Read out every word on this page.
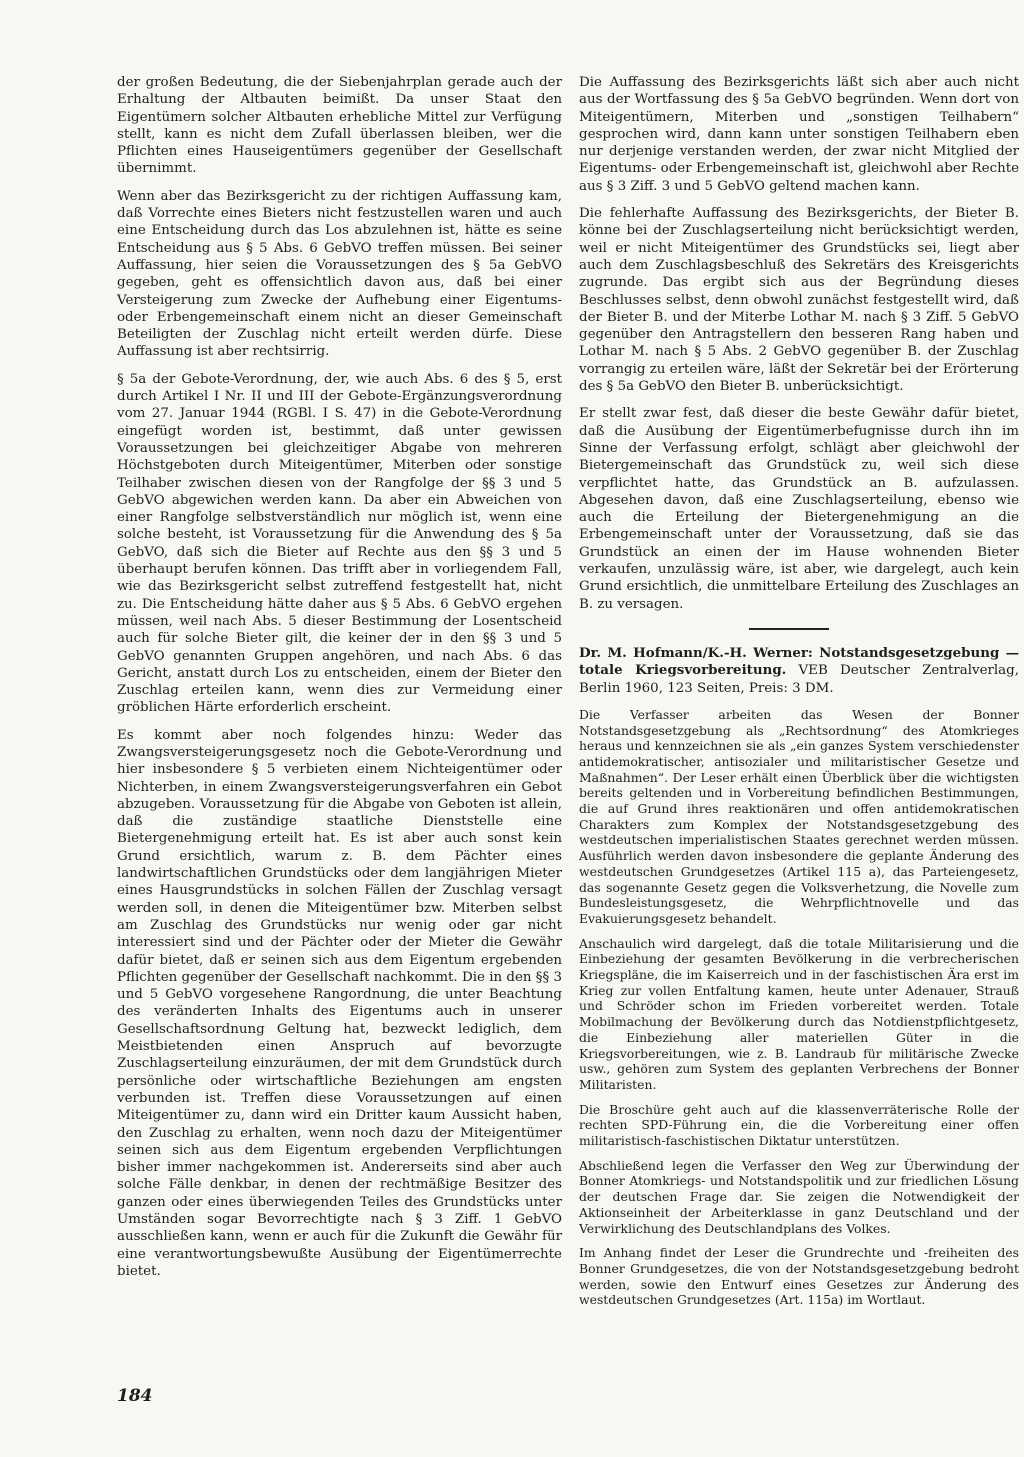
der großen Bedeutung, die der Siebenjahrplan gerade auch der Erhaltung der Altbauten beimißt. Da unser Staat den Eigentümern solcher Altbauten erhebliche Mittel zur Verfügung stellt, kann es nicht dem Zufall überlassen bleiben, wer die Pflichten eines Hauseigentümers gegenüber der Gesellschaft übernimmt.

Wenn aber das Bezirksgericht zu der richtigen Auffassung kam, daß Vorrechte eines Bieters nicht festzustellen waren und auch eine Entscheidung durch das Los abzulehnen ist, hätte es seine Entscheidung aus § 5 Abs. 6 GebVO treffen müssen. Bei seiner Auffassung, hier seien die Voraussetzungen des § 5a GebVO gegeben, geht es offensichtlich davon aus, daß bei einer Versteigerung zum Zwecke der Aufhebung einer Eigentums- oder Erbengemeinschaft einem nicht an dieser Gemeinschaft Beteiligten der Zuschlag nicht erteilt werden dürfe. Diese Auffassung ist aber rechtsirrig.

§ 5a der Gebote-Verordnung, der, wie auch Abs. 6 des § 5, erst durch Artikel I Nr. II und III der Gebote-Ergänzungsverordnung vom 27. Januar 1944 (RGBl. I S. 47) in die Gebote-Verordnung eingefügt worden ist, bestimmt, daß unter gewissen Voraussetzungen bei gleichzeitiger Abgabe von mehreren Höchstgeboten durch Miteigentümer, Miterben oder sonstige Teilhaber zwischen diesen von der Rangfolge der §§ 3 und 5 GebVO abgewichen werden kann. Da aber ein Abweichen von einer Rangfolge selbstverständlich nur möglich ist, wenn eine solche besteht, ist Voraussetzung für die Anwendung des § 5a GebVO, daß sich die Bieter auf Rechte aus den §§ 3 und 5 überhaupt berufen können. Das trifft aber in vorliegendem Fall, wie das Bezirksgericht selbst zutreffend festgestellt hat, nicht zu. Die Entscheidung hätte daher aus § 5 Abs. 6 GebVO ergehen müssen, weil nach Abs. 5 dieser Bestimmung der Losentscheid auch für solche Bieter gilt, die keiner der in den §§ 3 und 5 GebVO genannten Gruppen angehören, und nach Abs. 6 das Gericht, anstatt durch Los zu entscheiden, einem der Bieter den Zuschlag erteilen kann, wenn dies zur Vermeidung einer gröblichen Härte erforderlich erscheint.

Es kommt aber noch folgendes hinzu: Weder das Zwangsversteigerungsgesetz noch die Gebote-Verordnung und hier insbesondere § 5 verbieten einem Nichteigentümer oder Nichterben, in einem Zwangsversteigerungsverfahren ein Gebot abzugeben. Voraussetzung für die Abgabe von Geboten ist allein, daß die zuständige staatliche Dienststelle eine Bietergenehmigung erteilt hat. Es ist aber auch sonst kein Grund ersichtlich, warum z. B. dem Pächter eines landwirtschaftlichen Grundstücks oder dem langjährigen Mieter eines Hausgrundstücks in solchen Fällen der Zuschlag versagt werden soll, in denen die Miteigentümer bzw. Miterben selbst am Zuschlag des Grundstücks nur wenig oder gar nicht interessiert sind und der Pächter oder der Mieter die Gewähr dafür bietet, daß er seinen sich aus dem Eigentum ergebenden Pflichten gegenüber der Gesellschaft nachkommt. Die in den §§ 3 und 5 GebVO vorgesehene Rangordnung, die unter Beachtung des veränderten Inhalts des Eigentums auch in unserer Gesellschaftsordnung Geltung hat, bezweckt lediglich, dem Meistbietenden einen Anspruch auf bevorzugte Zuschlagserteilung einzuräumen, der mit dem Grundstück durch persönliche oder wirtschaftliche Beziehungen am engsten verbunden ist. Treffen diese Voraussetzungen auf einen Miteigentümer zu, dann wird ein Dritter kaum Aussicht haben, den Zuschlag zu erhalten, wenn noch dazu der Miteigentümer seinen sich aus dem Eigentum ergebenden Verpflichtungen bisher immer nachgekommen ist. Andererseits sind aber auch solche Fälle denkbar, in denen der rechtmäßige Besitzer des ganzen oder eines überwiegenden Teiles des Grundstücks unter Umständen sogar Bevorrechtigte nach § 3 Ziff. 1 GebVO ausschließen kann, wenn er auch für die Zukunft die Gewähr für eine verantwortungsbewußte Ausübung der Eigentümerrechte bietet.

Die Auffassung des Bezirksgerichts läßt sich aber auch nicht aus der Wortfassung des § 5a GebVO begründen. Wenn dort von Miteigentümern, Miterben und „sonstigen Teilhabern“ gesprochen wird, dann kann unter sonstigen Teilhabern eben nur derjenige verstanden werden, der zwar nicht Mitglied der Eigentums- oder Erbengemeinschaft ist, gleichwohl aber Rechte aus § 3 Ziff. 3 und 5 GebVO geltend machen kann.

Die fehlerhafte Auffassung des Bezirksgerichts, der Bieter B. könne bei der Zuschlagserteilung nicht berücksichtigt werden, weil er nicht Miteigentümer des Grundstücks sei, liegt aber auch dem Zuschlagsbeschluß des Sekretärs des Kreisgerichts zugrunde. Das ergibt sich aus der Begründung dieses Beschlusses selbst, denn obwohl zunächst festgestellt wird, daß der Bieter B. und der Miterbe Lothar M. nach § 3 Ziff. 5 GebVO gegenüber den Antragstellern den besseren Rang haben und Lothar M. nach § 5 Abs. 2 GebVO gegenüber B. der Zuschlag vorrangig zu erteilen wäre, läßt der Sekretär bei der Erörterung des § 5a GebVO den Bieter B. unberücksichtigt.

Er stellt zwar fest, daß dieser die beste Gewähr dafür bietet, daß die Ausübung der Eigentümerbefugnisse durch ihn im Sinne der Verfassung erfolgt, schlägt aber gleichwohl der Bietergemeinschaft das Grundstück zu, weil sich diese verpflichtet hatte, das Grundstück an B. aufzulassen. Abgesehen davon, daß eine Zuschlagserteilung, ebenso wie auch die Erteilung der Bietergenehmigung an die Erbengemeinschaft unter der Voraussetzung, daß sie das Grundstück an einen der im Hause wohnenden Bieter verkaufen, unzulässig wäre, ist aber, wie dargelegt, auch kein Grund ersichtlich, die unmittelbare Erteilung des Zuschlages an B. zu versagen.

Dr. M. Hofmann/K.-H. Werner: Notstandsgesetzgebung — totale Kriegsvorbereitung. VEB Deutscher Zentralverlag, Berlin 1960, 123 Seiten, Preis: 3 DM.

Die Verfasser arbeiten das Wesen der Bonner Notstandsgesetzgebung als „Rechtsordnung“ des Atomkrieges heraus und kennzeichnen sie als „ein ganzes System verschiedenster antidemokratischer, antisozialer und militaristischer Gesetze und Maßnahmen“. Der Leser erhält einen Überblick über die wichtigsten bereits geltenden und in Vorbereitung befindlichen Bestimmungen, die auf Grund ihres reaktionären und offen antidemokratischen Charakters zum Komplex der Notstandsgesetzgebung des westdeutschen imperialistischen Staates gerechnet werden müssen. Ausführlich werden davon insbesondere die geplante Änderung des westdeutschen Grundgesetzes (Artikel 115 a), das Parteiengesetz, das sogenannte Gesetz gegen die Volksverhetzung, die Novelle zum Bundesleistungsgesetz, die Wehrpflichtnovelle und das Evakuierungsgesetz behandelt.

Anschaulich wird dargelegt, daß die totale Militarisierung und die Einbeziehung der gesamten Bevölkerung in die verbrecherischen Kriegspläne, die im Kaiserreich und in der faschistischen Ära erst im Krieg zur vollen Entfaltung kamen, heute unter Adenauer, Strauß und Schröder schon im Frieden vorbereitet werden. Totale Mobilmachung der Bevölkerung durch das Notdienstpflichtgesetz, die Einbeziehung aller materiellen Güter in die Kriegsvorbereitungen, wie z. B. Landraub für militärische Zwecke usw., gehören zum System des geplanten Verbrechens der Bonner Militaristen.

Die Broschüre geht auch auf die klassenverräterische Rolle der rechten SPD-Führung ein, die die Vorbereitung einer offen militaristisch-faschistischen Diktatur unterstützen.

Abschließend legen die Verfasser den Weg zur Überwindung der Bonner Atomkriegs- und Notstandspolitik und zur friedlichen Lösung der deutschen Frage dar. Sie zeigen die Notwendigkeit der Aktionseinheit der Arbeiterklasse in ganz Deutschland und der Verwirklichung des Deutschlandplans des Volkes.

Im Anhang findet der Leser die Grundrechte und -freiheiten des Bonner Grundgesetzes, die von der Notstandsgesetzgebung bedroht werden, sowie den Entwurf eines Gesetzes zur Änderung des westdeutschen Grundgesetzes (Art. 115a) im Wortlaut.

184
